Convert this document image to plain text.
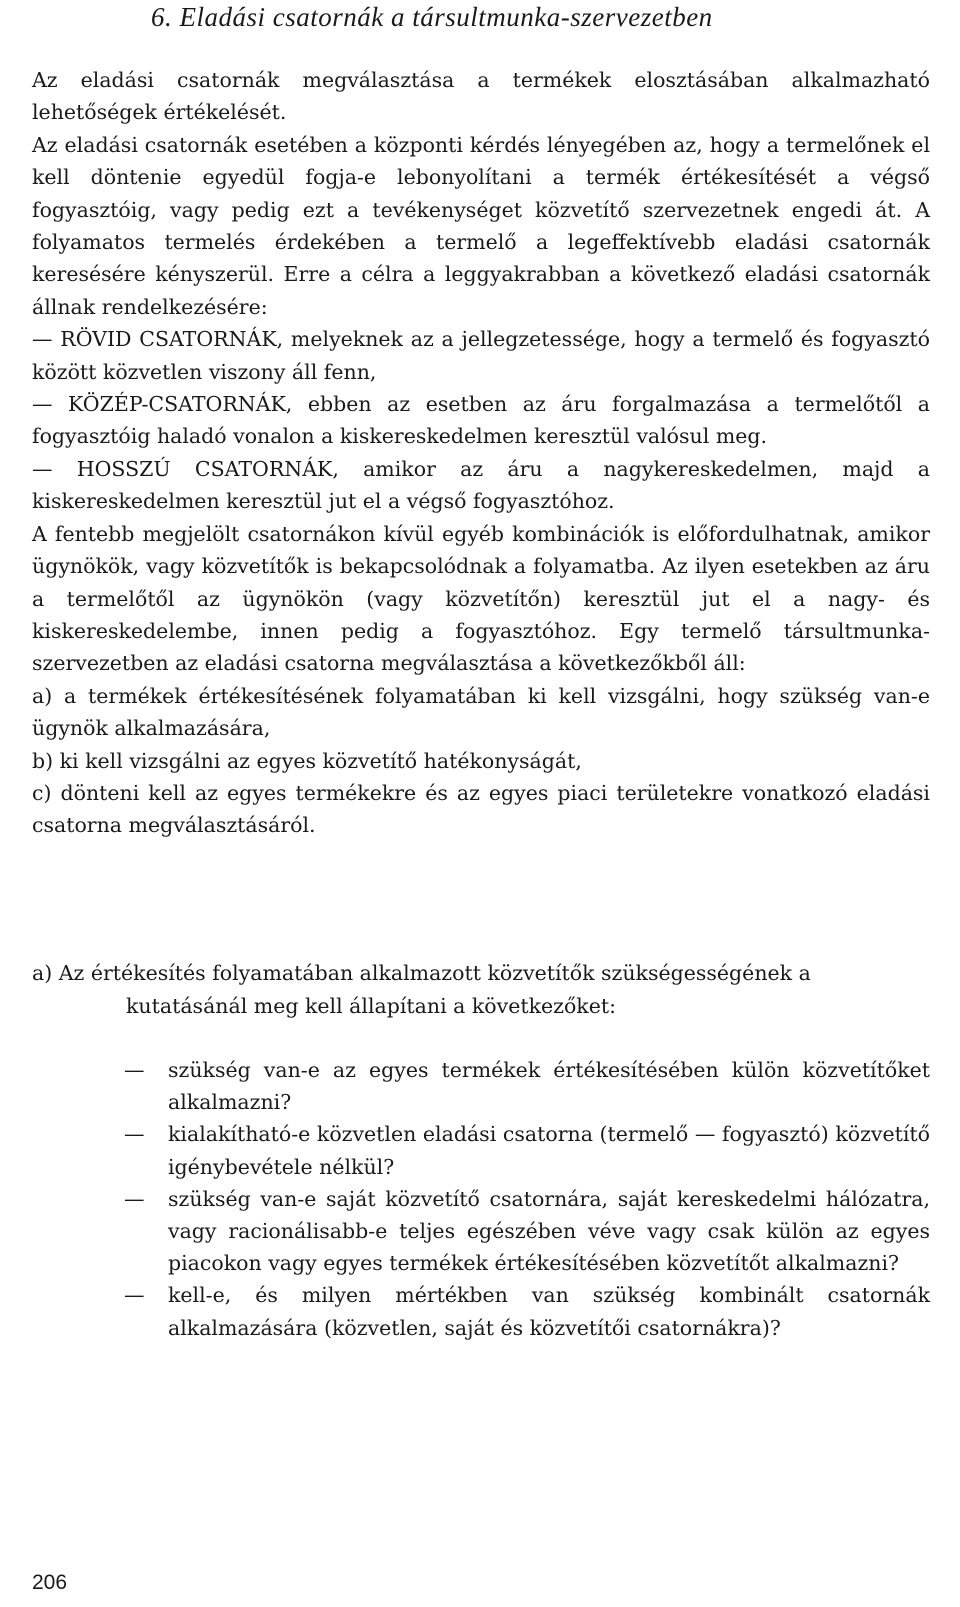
6. Eladási csatornák a társultmunka-szervezetben

Az eladási csatornák megválasztása a termékek elosztásában alkalmazható lehetőségek értékelését.

Az eladási csatornák esetében a központi kérdés lényegében az, hogy a termelőnek el kell döntenie egyedül fogja-e lebonyolítani a termék értékesítését a végső fogyasztóig, vagy pedig ezt a tevékenységet közvetítő szervezetnek engedi át. A folyamatos termelés érdekében a termelő a legeffektívebb eladási csatornák keresésére kényszerül. Erre a célra a leggyakrabban a következő eladási csatornák állnak rendelkezésére:

— RÖVID CSATORNÁK, melyeknek az a jellegzetessége, hogy a termelő és fogyasztó között közvetlen viszony áll fenn,

— KÖZÉP-CSATORNÁK, ebben az esetben az áru forgalmazása a termelőtől a fogyasztóig haladó vonalon a kiskereskedelmen keresztül valósul meg.

— HOSSZÚ CSATORNÁK, amikor az áru a nagykereskedelmen, majd a kiskereskedelmen keresztül jut el a végső fogyasztóhoz.

A fentebb megjelölt csatornákon kívül egyéb kombinációk is előfordulhatnak, amikor ügynökök, vagy közvetítők is bekapcsolódnak a folyamatba. Az ilyen esetekben az áru a termelőtől az ügynökön (vagy közvetítőn) keresztül jut el a nagy- és kiskereskedelembe, innen pedig a fogyasztóhoz. Egy termelő társultmunka-szervezetben az eladási csatorna megválasztása a következőkből áll:

a) a termékek értékesítésének folyamatában ki kell vizsgálni, hogy szükség van-e ügynök alkalmazására,

b) ki kell vizsgálni az egyes közvetítő hatékonyságát,

c) dönteni kell az egyes termékekre és az egyes piaci területekre vonatkozó eladási csatorna megválasztásáról.

a) Az értékesítés folyamatában alkalmazott közvetítők szükségességének a kutatásánál meg kell állapítani a következőket:

— szükség van-e az egyes termékek értékesítésében külön közvetítőket alkalmazni?
— kialakítható-e közvetlen eladási csatorna (termelő — fogyasztó) közvetítő igénybevétele nélkül?
— szükség van-e saját közvetítő csatornára, saját kereskedelmi hálózatra, vagy racionálisabb-e teljes egészében véve vagy csak külön az egyes piacokon vagy egyes termékek értékesítésében közvetítőt alkalmazni?
— kell-e, és milyen mértékben van szükség kombinált csatornák alkalmazására (közvetlen, saját és közvetítői csatornákra)?
206
